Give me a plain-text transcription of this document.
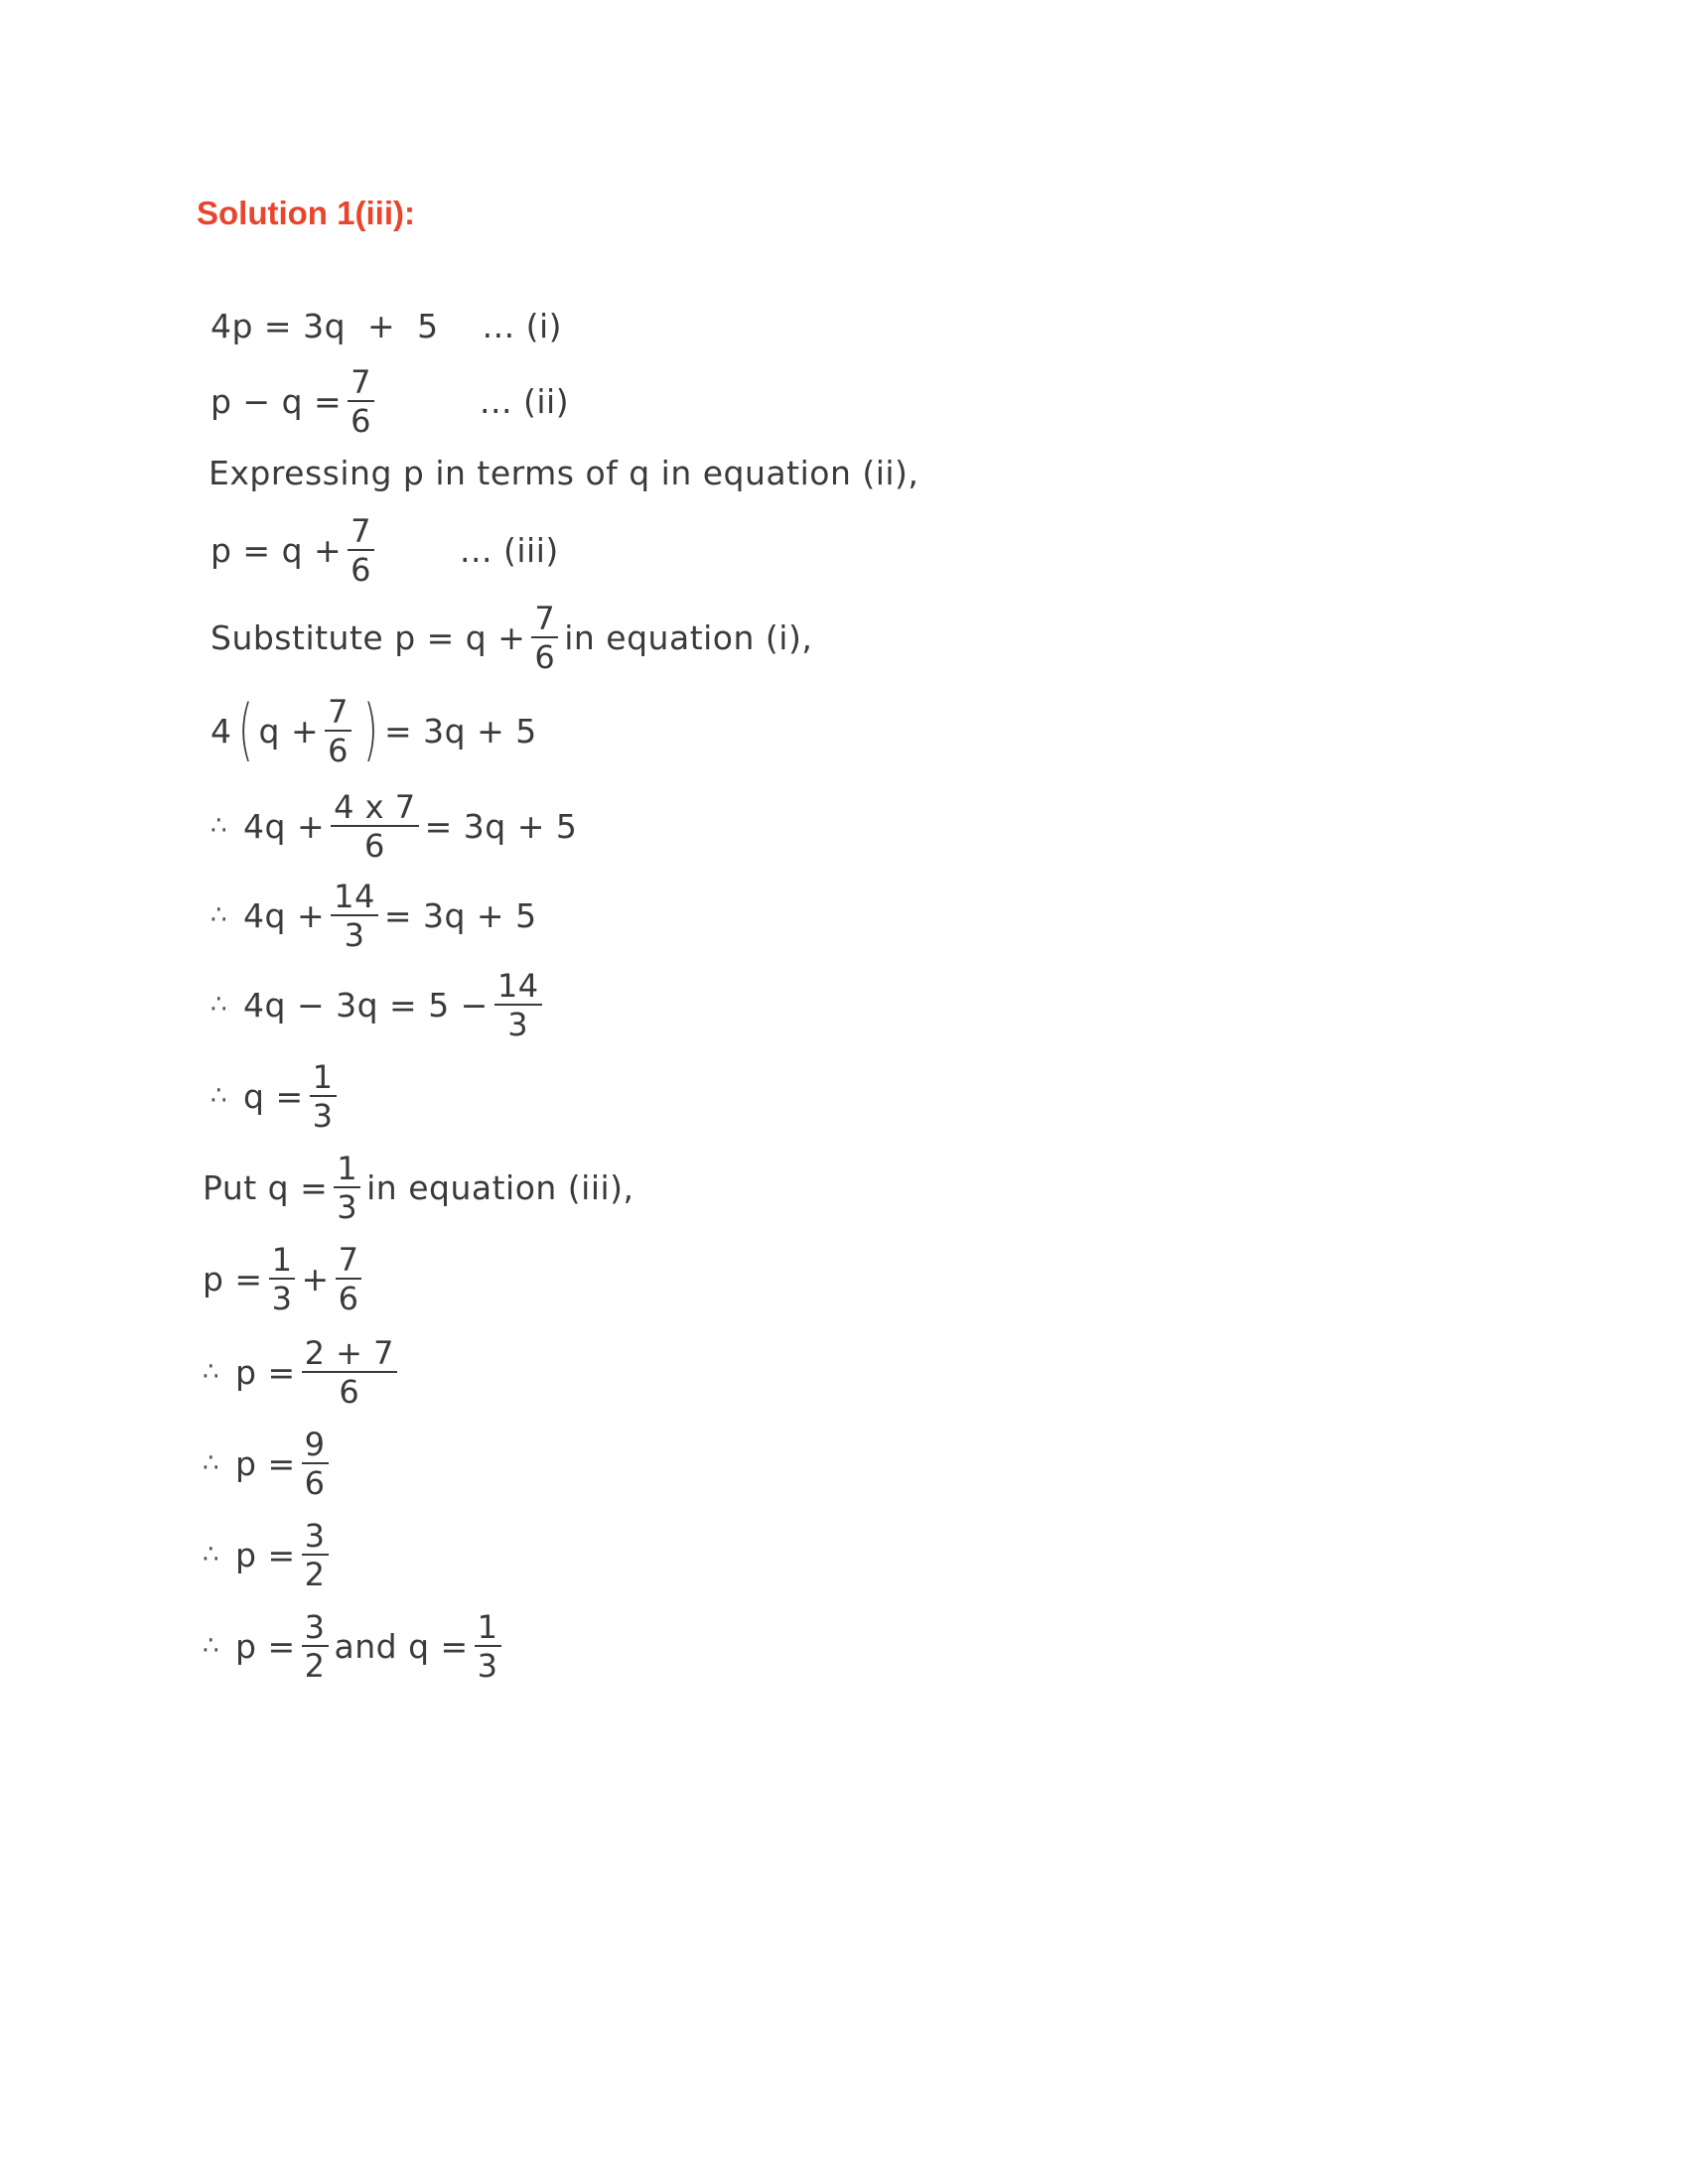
Solution 1(iii):
4p = 3q  +  5 ... (i)
$p - q = \frac{7}{6}$	... (ii)
Expressing p in terms of q in equation (ii),
$p = q + \frac{7}{6}$	... (iii)
Substitute $p = q + \frac{7}{6}$ in equation (i),
4 ( $q + \frac{7}{6}$ ) = 3q + 5
∴ $4q + \frac{4 x 7}{6} = 3q + 5$
∴ $4q + \frac{14}{3} = 3q + 5$
∴ $4q - 3q = 5 - \frac{14}{3}$
∴ $q = \frac{1}{3}$
Put $q = \frac{1}{3}$ in equation (iii),
$p = \frac{1}{3} + \frac{7}{6}$
∴ $p = \frac{2 + 7}{6}$
∴ $p = \frac{9}{6}$
∴ $p = \frac{3}{2}$
∴ $p = \frac{3}{2}$ and $q = \frac{1}{3}$
